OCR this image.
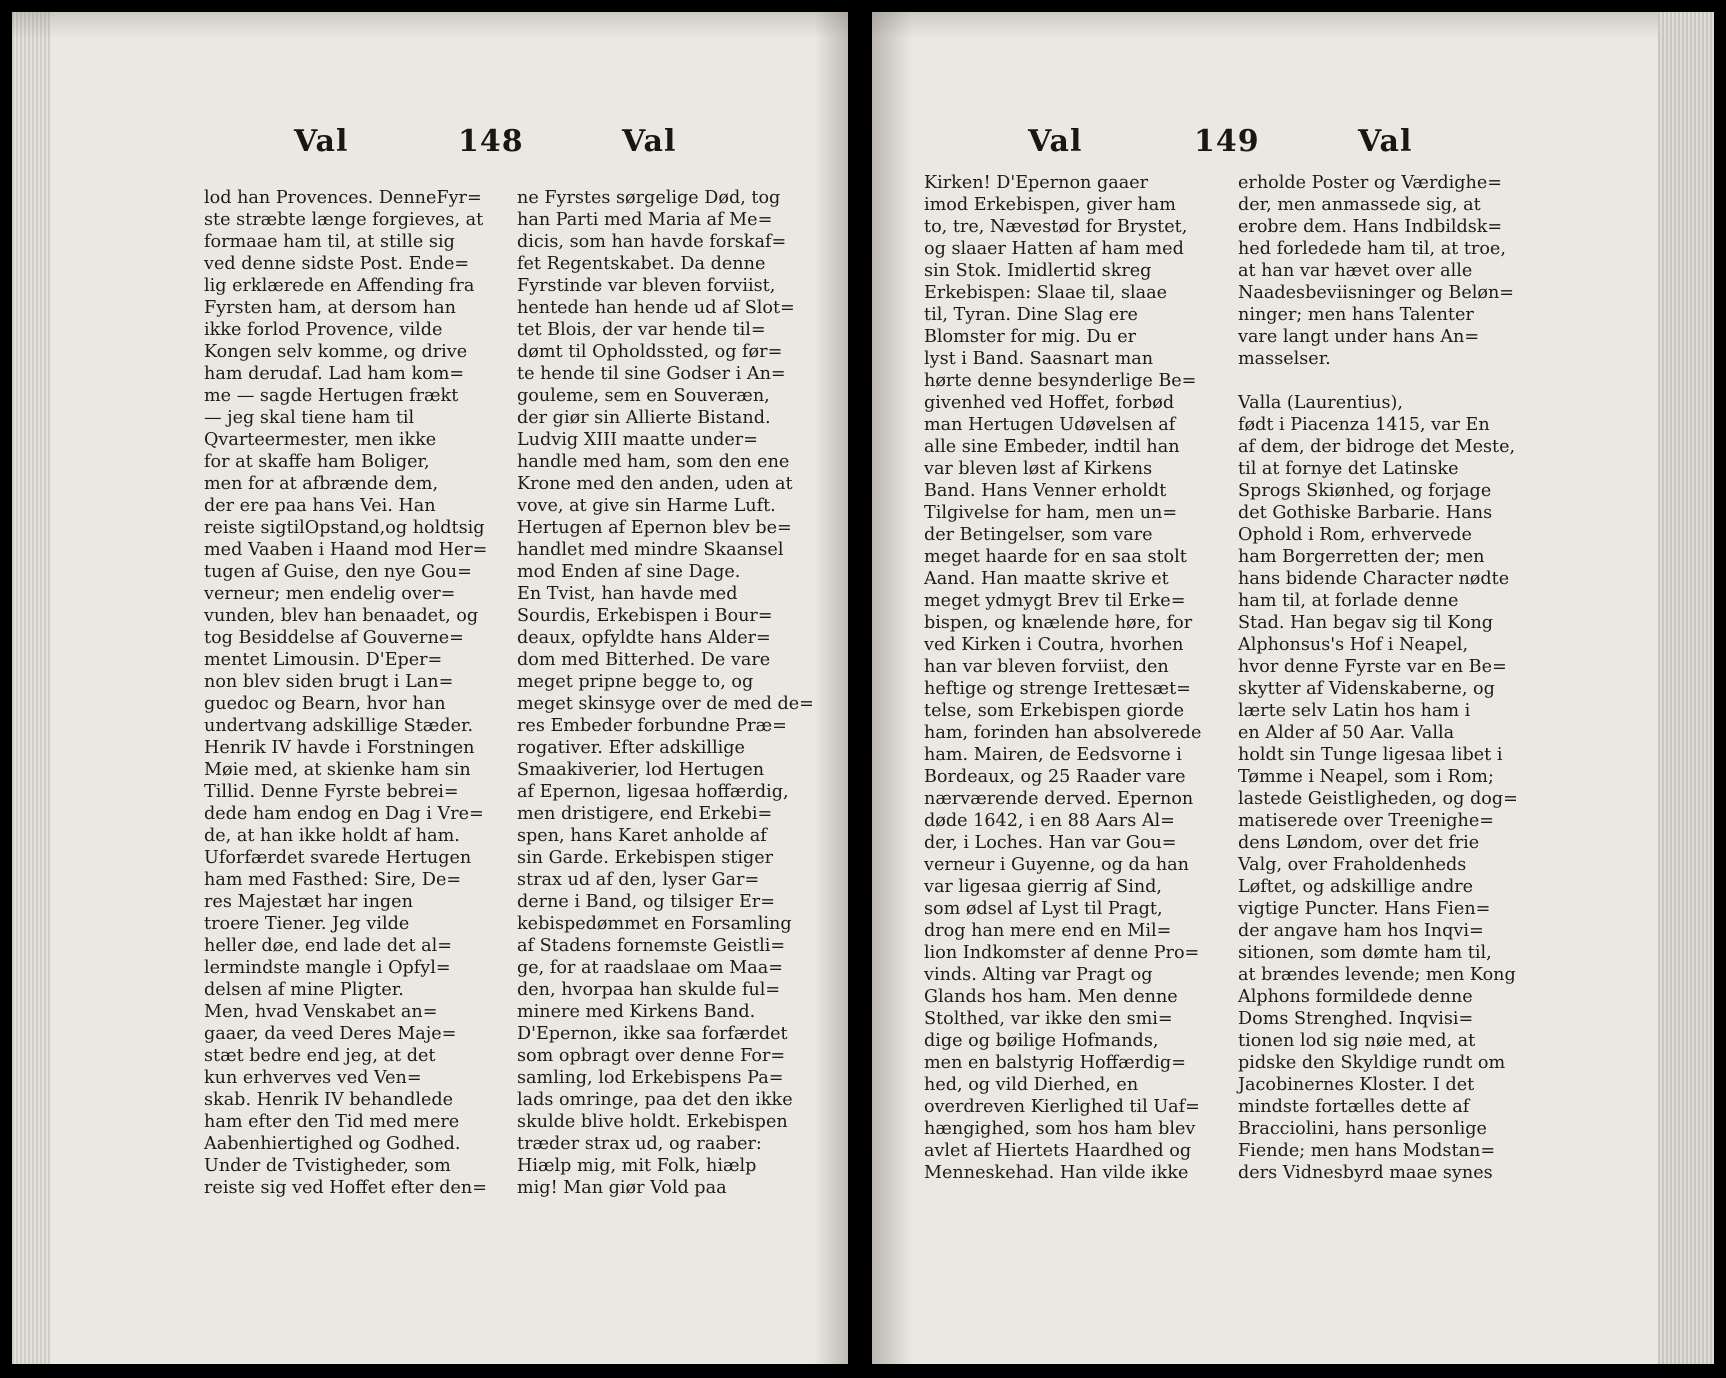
Val	148	Val
lod han Provences. DenneFyr=
ste stræbte længe forgieves, at
formaae ham til, at stille sig
ved denne sidste Post. Ende=
lig erklærede en Affending fra
Fyrsten ham, at dersom han
ikke forlod Provence, vilde
Kongen selv komme, og drive
ham derudaf. Lad ham kom=
me — sagde Hertugen frækt
— jeg skal tiene ham til
Qvarteermester, men ikke
for at skaffe ham Boliger,
men for at afbrænde dem,
der ere paa hans Vei. Han
reiste sigtilOpstand,og holdtsig
med Vaaben i Haand mod Her=
tugen af Guise, den nye Gou=
verneur; men endelig over=
vunden, blev han benaadet, og
tog Besiddelse af Gouverne=
mentet Limousin. D'Eper=
non blev siden brugt i Lan=
guedoc og Bearn, hvor han
undertvang adskillige Stæder.
Henrik IV havde i Forstningen
Møie med, at skienke ham sin
Tillid. Denne Fyrste bebrei=
dede ham endog en Dag i Vre=
de, at han ikke holdt af ham.
Uforfærdet svarede Hertugen
ham med Fasthed: Sire, De=
res Majestæt har ingen
troere Tiener. Jeg vilde
heller døe, end lade det al=
lermindste mangle i Opfyl=
delsen af mine Pligter.
Men, hvad Venskabet an=
gaaer, da veed Deres Maje=
stæt bedre end jeg, at det
kun erhverves ved Ven=
skab. Henrik IV behandlede
ham efter den Tid med mere
Aabenhiertighed og Godhed.
Under de Tvistigheder, som
reiste sig ved Hoffet efter den=
ne Fyrstes sørgelige Død, tog
han Parti med Maria af Me=
dicis, som han havde forskaf=
fet Regentskabet. Da denne
Fyrstinde var bleven forviist,
hentede han hende ud af Slot=
tet Blois, der var hende til=
dømt til Opholdssted, og før=
te hende til sine Godser i An=
gouleme, sem en Souveræn,
der giør sin Allierte Bistand.
Ludvig XIII maatte under=
handle med ham, som den ene
Krone med den anden, uden at
vove, at give sin Harme Luft.
Hertugen af Epernon blev be=
handlet med mindre Skaansel
mod Enden af sine Dage.
En Tvist, han havde med
Sourdis, Erkebispen i Bour=
deaux, opfyldte hans Alder=
dom med Bitterhed. De vare
meget pripne begge to, og
meget skinsyge over de med de=
res Embeder forbundne Præ=
rogativer. Efter adskillige
Smaakiverier, lod Hertugen
af Epernon, ligesaa hoffærdig,
men dristigere, end Erkebi=
spen, hans Karet anholde af
sin Garde. Erkebispen stiger
strax ud af den, lyser Gar=
derne i Band, og tilsiger Er=
kebispedømmet en Forsamling
af Stadens fornemste Geistli=
ge, for at raadslaae om Maa=
den, hvorpaa han skulde ful=
minere med Kirkens Band.
D'Epernon, ikke saa forfærdet
som opbragt over denne For=
samling, lod Erkebispens Pa=
lads omringe, paa det den ikke
skulde blive holdt. Erkebispen
træder strax ud, og raaber:
Hiælp mig, mit Folk, hiælp
mig! Man giør Vold paa
Val	149	Val
Kirken! D'Epernon gaaer
imod Erkebispen, giver ham
to, tre, Nævestød for Brystet,
og slaaer Hatten af ham med
sin Stok. Imidlertid skreg
Erkebispen: Slaae til, slaae
til, Tyran. Dine Slag ere
Blomster for mig. Du er
lyst i Band. Saasnart man
hørte denne besynderlige Be=
givenhed ved Hoffet, forbød
man Hertugen Udøvelsen af
alle sine Embeder, indtil han
var bleven løst af Kirkens
Band. Hans Venner erholdt
Tilgivelse for ham, men un=
der Betingelser, som vare
meget haarde for en saa stolt
Aand. Han maatte skrive et
meget ydmygt Brev til Erke=
bispen, og knælende høre, for
ved Kirken i Coutra, hvorhen
han var bleven forviist, den
heftige og strenge Irettesæt=
telse, som Erkebispen giorde
ham, forinden han absolverede
ham. Mairen, de Eedsvorne i
Bordeaux, og 25 Raader vare
nærværende derved. Epernon
døde 1642, i en 88 Aars Al=
der, i Loches. Han var Gou=
verneur i Guyenne, og da han
var ligesaa gierrig af Sind,
som ødsel af Lyst til Pragt,
drog han mere end en Mil=
lion Indkomster af denne Pro=
vinds. Alting var Pragt og
Glands hos ham. Men denne
Stolthed, var ikke den smi=
dige og bøilige Hofmands,
men en balstyrig Hoffærdig=
hed, og vild Dierhed, en
overdreven Kierlighed til Uaf=
hængighed, som hos ham blev
avlet af Hiertets Haardhed og
Menneskehad. Han vilde ikke
erholde Poster og Værdighe=
der, men anmassede sig, at
erobre dem. Hans Indbildsk=
hed forledede ham til, at troe,
at han var hævet over alle
Naadesbeviisninger og Beløn=
ninger; men hans Talenter
vare langt under hans An=
masselser.
Valla (Laurentius),
født i Piacenza 1415, var En
af dem, der bidroge det Meste,
til at fornye det Latinske
Sprogs Skiønhed, og forjage
det Gothiske Barbarie. Hans
Ophold i Rom, erhvervede
ham Borgerretten der; men
hans bidende Character nødte
ham til, at forlade denne
Stad. Han begav sig til Kong
Alphonsus's Hof i Neapel,
hvor denne Fyrste var en Be=
skytter af Videnskaberne, og
lærte selv Latin hos ham i
en Alder af 50 Aar. Valla
holdt sin Tunge ligesaa libet i
Tømme i Neapel, som i Rom;
lastede Geistligheden, og dog=
matiserede over Treenighe=
dens Løndom, over det frie
Valg, over Fraholdenheds
Løftet, og adskillige andre
vigtige Puncter. Hans Fien=
der angave ham hos Inqvi=
sitionen, som dømte ham til,
at brændes levende; men Kong
Alphons formildede denne
Doms Strenghed. Inqvisi=
tionen lod sig nøie med, at
pidske den Skyldige rundt om
Jacobinernes Kloster. I det
mindste fortælles dette af
Bracciolini, hans personlige
Fiende; men hans Modstan=
ders Vidnesbyrd maae synes
